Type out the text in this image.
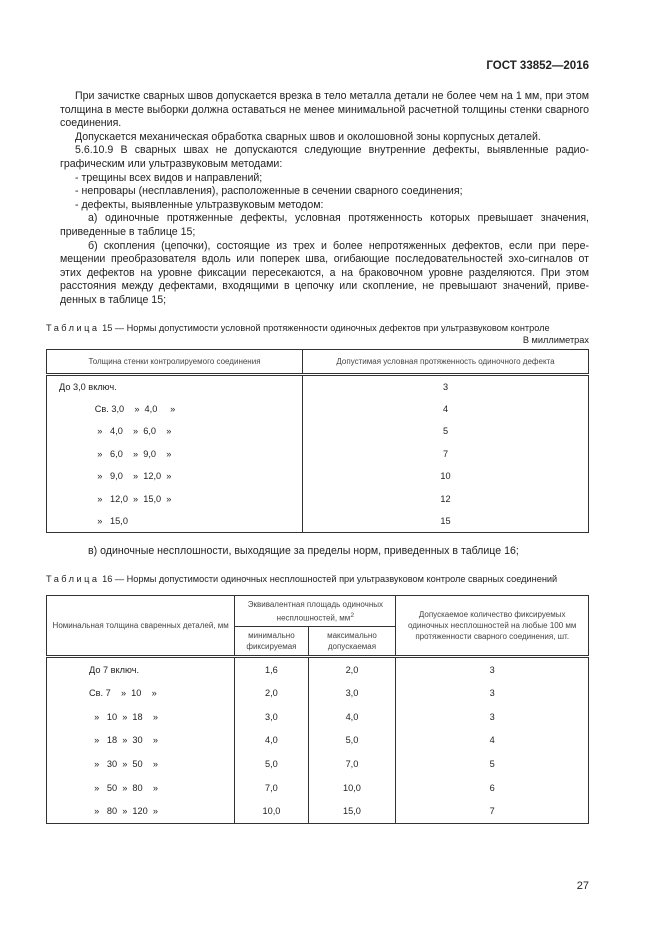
ГОСТ 33852—2016

При зачистке сварных швов допускается врезка в тело металла детали не более чем на 1 мм, при этом толщина в месте выборки должна оставаться не менее минимальной расчетной толщины стенки сварного соединения.

Допускается механическая обработка сварных швов и околошовной зоны корпусных деталей.

5.6.10.9 В сварных швах не допускаются следующие внутренние дефекты, выявленные радиографическим или ультразвуковым методами:

- трещины всех видов и направлений;

- непровары (несплавления), расположенные в сечении сварного соединения;

- дефекты, выявленные ультразвуковым методом:

а) одиночные протяженные дефекты, условная протяженность которых превышает значения, приведенные в таблице 15;

б) скопления (цепочки), состоящие из трех и более непротяженных дефектов, если при перемещении преобразователя вдоль или поперек шва, огибающие последовательностей эхо-сигналов от этих дефектов на уровне фиксации пересекаются, а на браковочном уровне разделяются. При этом расстояния между дефектами, входящими в цепочку или скопление, не превышают значений, приведенных в таблице 15;

Таблица 15 — Нормы допустимости условной протяженности одиночных дефектов при ультразвуковом контроле
В миллиметрах
Толщина стенки контролируемого соединения	Допустимая условная протяженность одиночного дефекта
До 3,0 включ.	3
Св. 3,0    »  4,0     »	4
»   4,0    »  6,0    »	5
»   6,0    »  9,0    »	7
»   9,0    »  12,0  »	10
»   12,0  »  15,0  »	12
»   15,0	15
в) одиночные несплошности, выходящие за пределы норм, приведенных в таблице 16;
Таблица 16 — Нормы допустимости одиночных несплошностей при ультразвуковом контроле сварных соединений
Номинальная толщина сваренных деталей, мм	Эквивалентная площадь одиночных несплошностей, $мм^2$		Допускаемое количество фиксируемых одиночных несплошностей на любые 100 мм протяженности сварного соединения, шт.
	минимально фиксируемая	максимально допускаемая	
До 7 включ.	1,6	2,0	3
Св. 7    »  10    »	2,0	3,0	3
»   10  »  18    »	3,0	4,0	3
»   18  »  30    »	4,0	5,0	4
»   30  »  50    »	5,0	7,0	5
»   50  »  80    »	7,0	10,0	6
»   80  »  120  »	10,0	15,0	7
27
